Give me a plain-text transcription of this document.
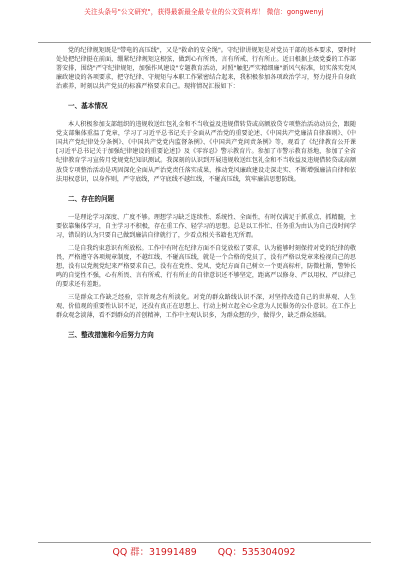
关注头条号"公文研究"，获得最新最全最专业的公文资料库！ 微信：gongwenyj

党的纪律规矩既是"带电的高压线"，又是"救命的安全绳"。守纪律讲规矩是对党员干部的基本要求，要时时处处把纪律挺在前面，绷紧纪律规矩这根弦，做到心有所畏、言有所戒、行有所止。近日根据上级党委的工作部署安排，围绕"严守纪律规矩，加强作风建设"专题教育活动，对照"触犯严实精细廉"新风气标准，切实落实党风廉政建设的各项要求，把守纪律、守规矩与本职工作紧密结合起来，我积极参加各项政治学习，努力提升自身政治素养，时刻以共产党员的标准严格要求自己。现将情况汇报如下：

一、基本情况

本人积极参加支部组织的违规收送红包礼金和不当收益及违规借转贷或高额放贷专项整治活动动员会，跟随党支部集体重温了党章，学习了习近平总书记关于全面从严治党的重要论述、《中国共产党廉洁自律准则》、《中国共产党纪律处分条例》、《中国共产党党内监督条例》、《中国共产党问责条例》等，观看了《纪律教育公开课[习近平总书记关于加强纪律建设的重要论述]》及《零容忍》警示教育片。参加了市警示教育基地，参加了全省纪律教育学习宣传月党规党纪知识测试。我深刻的认识到开展违规收送红包礼金和不当收益及违规借转贷或高额放贷专项整治活动是巩固深化全面从严治党责任落实成果，推动党风廉政建设走深走实、不断增强廉洁自律和依法用权意识，以身作则，严守底线，严守底线不越红线，不碰高压线，筑牢廉洁思想防线。

二、存在的问题

一是理论学习深度、广度不够。理想学习缺乏连续性、系统性、全面性，有时仅满足于抓重点、抓精髓，主要依靠集体学习，自主学习不积极，存在重工作、轻学习的思想。总是以工作忙、任务重为由认为自己没时间学习，错误的认为只要自己做到廉洁自律就行了，少看点相关书籍也无所谓。

二是自我约束意识有所放松。工作中有时在纪律方面不自觉放松了要求，认为能够时刻保持对党的纪律的敬畏，严格遵守各项规章制度，不越红线、不碰高压线，就是一个合格的党员了，没有严格以党章来检视自己的思想，没有以党规党纪来严格要求自己，没有在党性、党风、党纪方面自己树立一个更高标杆，防微杜渐，警钟长鸣的自觉性不强，心有所畏、言有所戒、行有所止的自律意识还不够坚定，距离严以修身、严以用权、严以律己的要求还有差距。

三是群众工作缺乏经验，宗旨观念有所淡化。对党的群众路线认识不深，对坚持改造自己的世界观、人生观、价值观的重要性认识不足，还没有真正在思想上、行动上树立起全心全意为人民服务的公仆意识。在工作上群众观念淡薄，看不到群众的首创精神，工作中主观认识多，为群众想的少，做得少，缺乏群众基础。

三、整改措施和今后努力方向
QQ 群：31991489 QQ：535304092
